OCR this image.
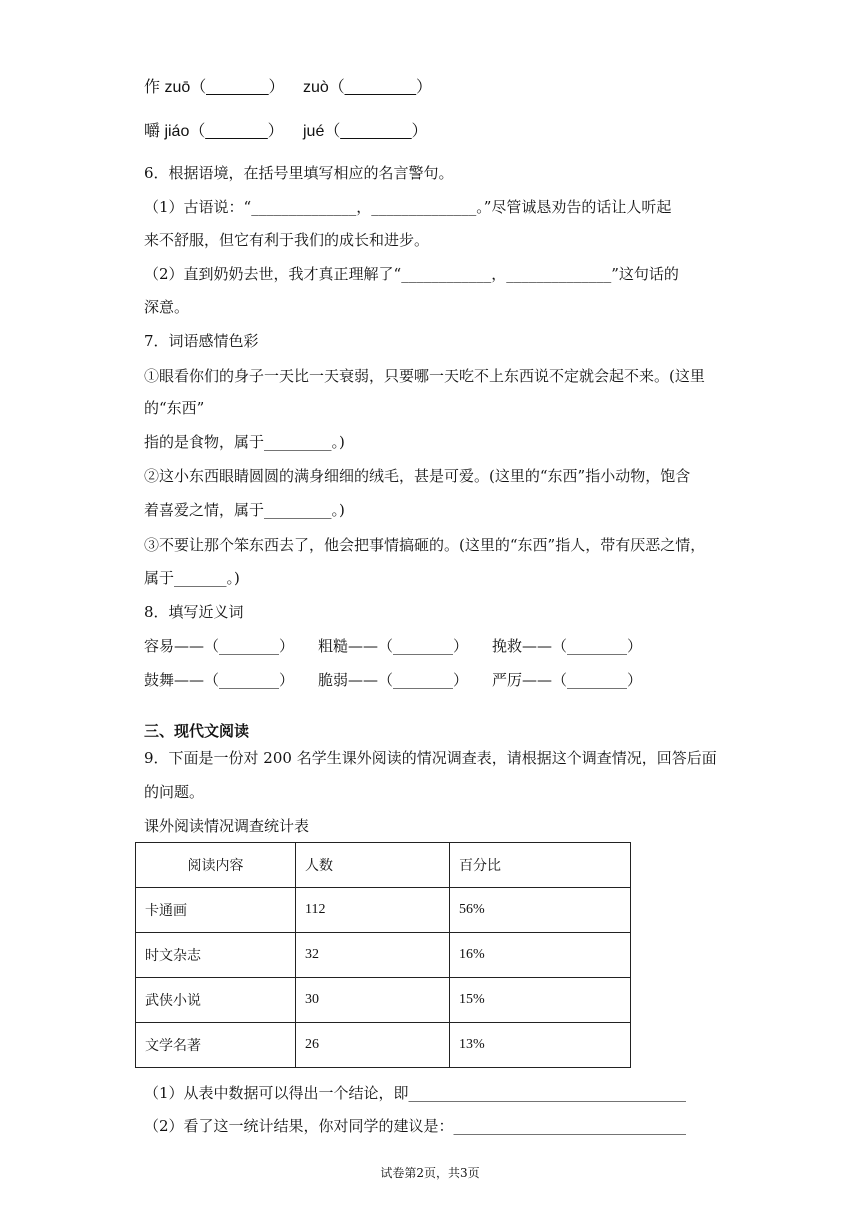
作 zuō（_______） zuò（________）
嚼 jiáo（_______） jué（________）
6．根据语境，在括号里填写相应的名言警句。
（1）古语说：“______________，______________。”尽管诚恳劝告的话让人听起
来不舒服，但它有利于我们的成长和进步。
（2）直到奶奶去世，我才真正理解了“____________，______________”这句话的
深意。
7．词语感情色彩
①眼看你们的身子一天比一天衰弱，只要哪一天吃不上东西说不定就会起不来。(这里
的“东西”
指的是食物，属于_________。)
②这小东西眼睛圆圆的满身细细的绒毛，甚是可爱。(这里的“东西”指小动物，饱含
着喜爱之情，属于_________。)
③不要让那个笨东西去了，他会把事情搞砸的。(这里的“东西”指人，带有厌恶之情，
属于_______。)
8．填写近义词
容易——（________） 粗糙——（________） 挽救——（________）
鼓舞——（________） 脆弱——（________） 严厉——（________）
三、现代文阅读
9．下面是一份对 200 名学生课外阅读的情况调查表，请根据这个调查情况，回答后面
的问题。
课外阅读情况调查统计表
阅读内容	人数	百分比
卡通画	112	56%
时文杂志	32	16%
武侠小说	30	15%
文学名著	26	13%
（1）从表中数据可以得出一个结论，即_____________________________________
（2）看了这一统计结果，你对同学的建议是：_______________________________
试卷第2页，共3页
